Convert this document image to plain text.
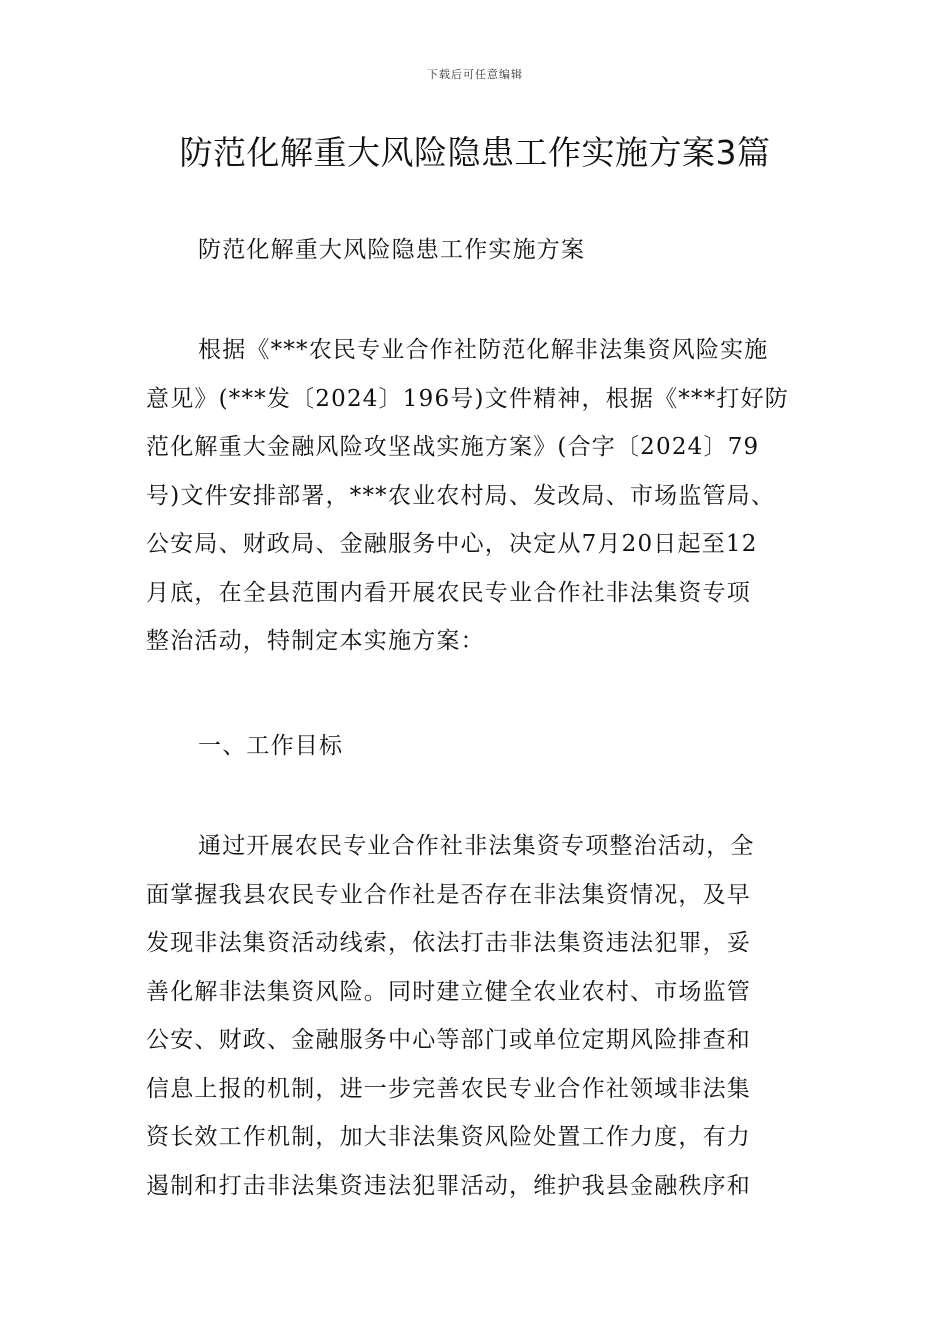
下载后可任意编辑
防范化解重大风险隐患工作实施方案3篇
防范化解重大风险隐患工作实施方案
根据《***农民专业合作社防范化解非法集资风险实施
意见》(***发〔2024〕196号)文件精神，根据《***打好防
范化解重大金融风险攻坚战实施方案》(合字〔2024〕79
号)文件安排部署，***农业农村局、发改局、市场监管局、
公安局、财政局、金融服务中心，决定从7月20日起至12
月底，在全县范围内看开展农民专业合作社非法集资专项
整治活动，特制定本实施方案：
一、工作目标
通过开展农民专业合作社非法集资专项整治活动，全
面掌握我县农民专业合作社是否存在非法集资情况，及早
发现非法集资活动线索，依法打击非法集资违法犯罪，妥
善化解非法集资风险。同时建立健全农业农村、市场监管
公安、财政、金融服务中心等部门或单位定期风险排查和
信息上报的机制，进一步完善农民专业合作社领域非法集
资长效工作机制，加大非法集资风险处置工作力度，有力
遏制和打击非法集资违法犯罪活动，维护我县金融秩序和
